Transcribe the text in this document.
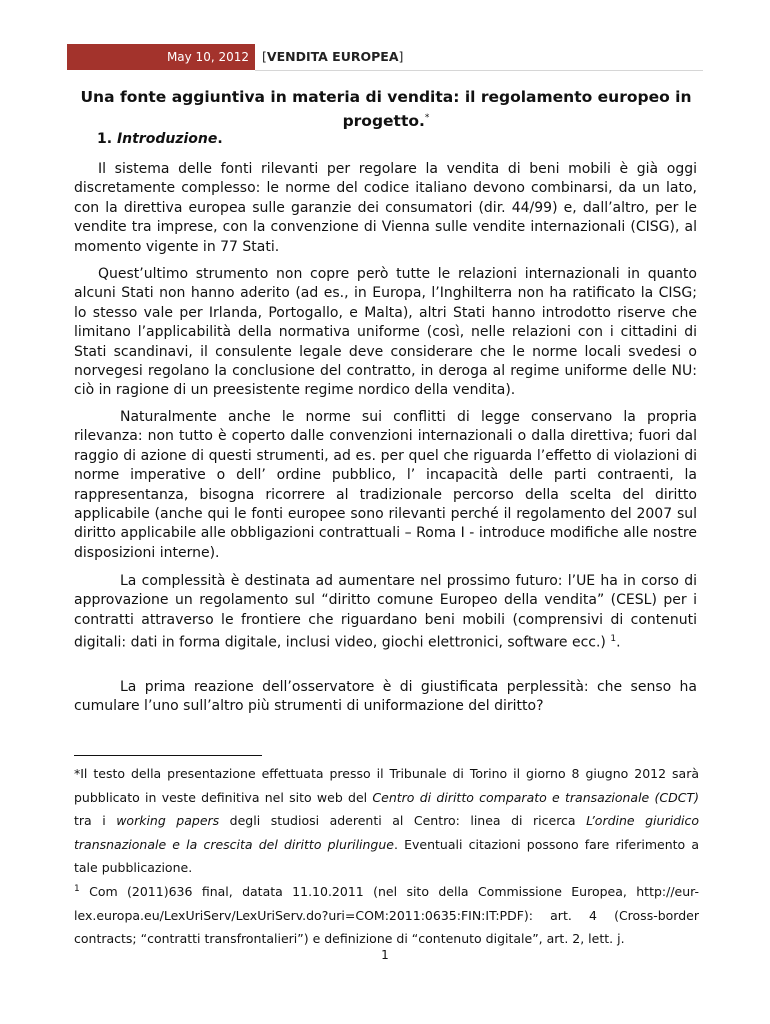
May 10, 2012	[VENDITA EUROPEA]
Una fonte aggiuntiva in materia di vendita: il regolamento europeo in progetto.*
1. Introduzione.
Il sistema delle fonti rilevanti per regolare la vendita di beni mobili è già oggi discretamente complesso: le norme del codice italiano devono combinarsi, da un lato, con la direttiva europea sulle garanzie dei consumatori (dir. 44/99) e, dall’altro, per le vendite tra imprese, con la convenzione di Vienna sulle vendite internazionali (CISG), al momento vigente in 77 Stati.
Quest’ultimo strumento non copre però tutte le relazioni internazionali in quanto alcuni Stati non hanno aderito (ad es., in Europa, l’Inghilterra non ha ratificato la CISG; lo stesso vale per Irlanda, Portogallo, e Malta), altri Stati hanno introdotto riserve che limitano l’applicabilità della normativa uniforme (così, nelle relazioni con i cittadini di Stati scandinavi, il consulente legale deve considerare che le norme locali svedesi o norvegesi regolano la conclusione del contratto, in deroga al regime uniforme delle NU: ciò in ragione di un preesistente regime nordico della vendita).
Naturalmente anche le norme sui conflitti di legge conservano la propria rilevanza: non tutto è coperto dalle convenzioni internazionali o dalla direttiva; fuori dal raggio di azione di questi strumenti, ad es. per quel che riguarda l’effetto di violazioni di norme imperative o dell’ ordine pubblico, l’ incapacità delle parti contraenti, la rappresentanza, bisogna ricorrere al tradizionale percorso della scelta del diritto applicabile (anche qui le fonti europee sono rilevanti perché il regolamento del 2007 sul diritto applicabile alle obbligazioni contrattuali – Roma I - introduce modifiche alle nostre disposizioni interne).
La complessità è destinata ad aumentare nel prossimo futuro: l’UE ha in corso di approvazione un regolamento sul “diritto comune Europeo della vendita” (CESL) per i contratti attraverso le frontiere che riguardano beni mobili (comprensivi di contenuti digitali: dati in forma digitale, inclusi video, giochi elettronici, software ecc.) $^1$.
La prima reazione dell’osservatore è di giustificata perplessità: che senso ha cumulare l’uno sull’altro più strumenti di uniformazione del diritto?
*Il testo della presentazione effettuata presso il Tribunale di Torino il giorno 8 giugno 2012 sarà pubblicato in veste definitiva nel sito web del Centro di diritto comparato e transazionale (CDCT) tra i working papers degli studiosi aderenti al Centro: linea di ricerca L’ordine giuridico transnazionale e la crescita del diritto plurilingue. Eventuali citazioni possono fare riferimento a tale pubblicazione.
$^1$ Com (2011)636 final, datata 11.10.2011 (nel sito della Commissione Europea, http://eur-lex.europa.eu/LexUriServ/LexUriServ.do?uri=COM:2011:0635:FIN:IT:PDF): art. 4 (Cross-border contracts; “contratti transfrontalieri”) e definizione di “contenuto digitale”, art. 2, lett. j.
1
